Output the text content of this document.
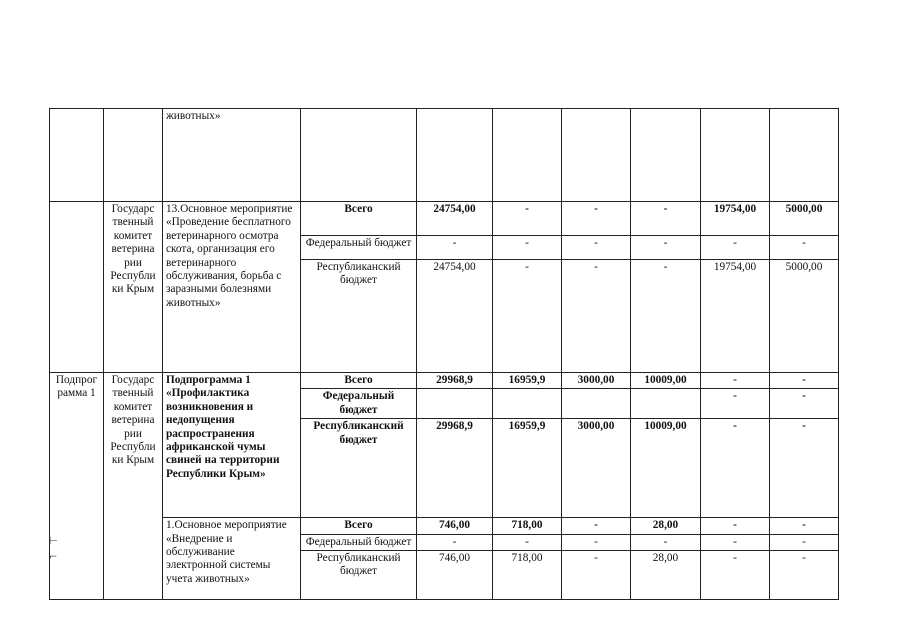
		животных»							
	Государс твенный комитет ветерина рии Республи ки Крым	13.Основное мероприятие «Проведение бесплатного ветеринарного осмотра скота, организация его ветеринарного обслуживания, борьба с заразными болезнями животных»	Всего	24754,00	-	-	-	19754,00	5000,00
			Федеральный бюджет	-	-	-	-	-	-
			Республиканский бюджет	24754,00	-	-	-	19754,00	5000,00
Подпрог рамма 1	Государс твенный комитет ветерина рии Республи ки Крым	Подпрограмма 1 «Профилактика возникновения и недопущения распространения африканской чумы свиней на территории Республики Крым»	Всего	29968,9	16959,9	3000,00	10009,00	-	-
			Федеральный бюджет					-	-
			Республиканский бюджет	29968,9	16959,9	3000,00	10009,00	-	-
		1.Основное мероприятие «Внедрение и обслуживание электронной системы учета животных»	Всего	746,00	718,00	-	28,00	-	-
			Федеральный бюджет	-	-	-	-	-	-
			Республиканский бюджет	746,00	718,00	-	28,00	-	-
⊢
⌐
